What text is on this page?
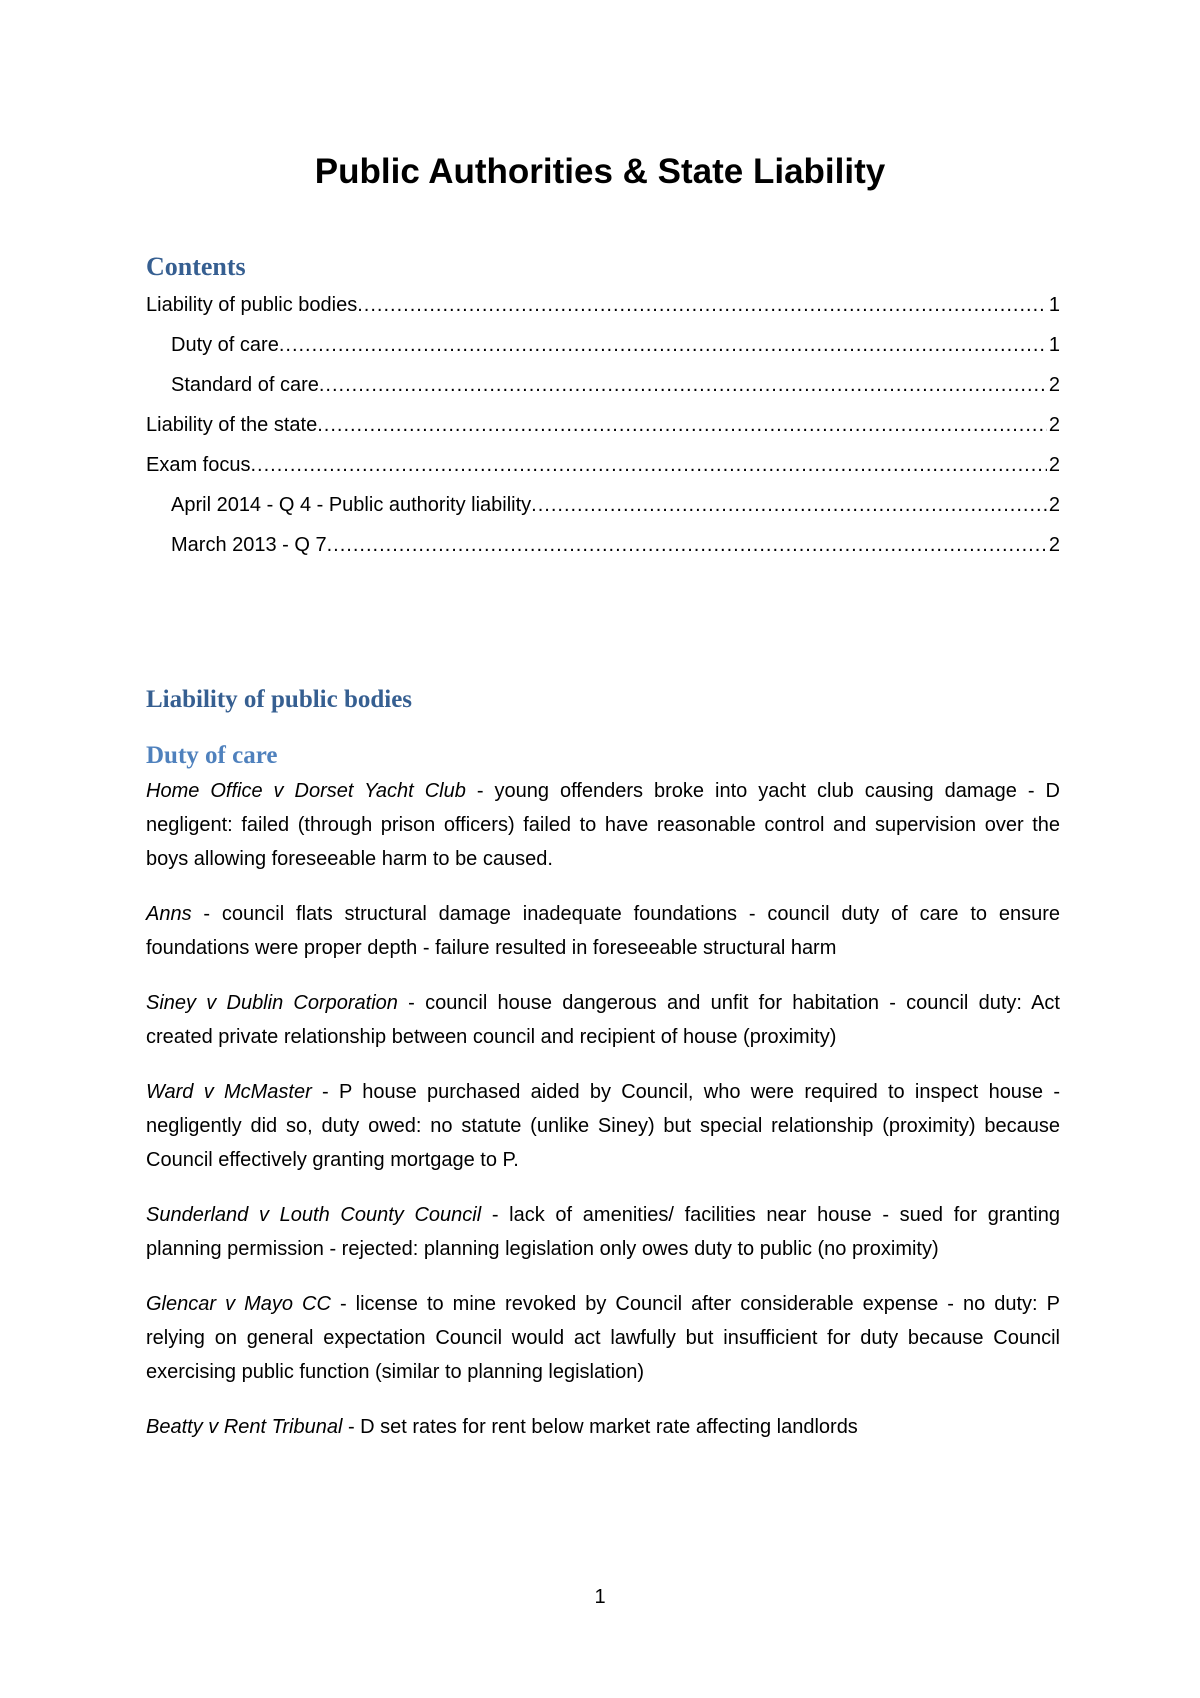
Public Authorities & State Liability
Contents
Liability of public bodies .....	1
Duty of care .....	1
Standard of care .....	2
Liability of the state .....	2
Exam focus .....	2
April 2014 - Q 4 - Public authority liability .....	2
March 2013 - Q 7 .....	2
Liability of public bodies
Duty of care

Home Office v Dorset Yacht Club - young offenders broke into yacht club causing damage - D negligent: failed (through prison officers) failed to have reasonable control and supervision over the boys allowing foreseeable harm to be caused.

Anns - council flats structural damage inadequate foundations - council duty of care to ensure foundations were proper depth - failure resulted in foreseeable structural harm

Siney v Dublin Corporation - council house dangerous and unfit for habitation - council duty: Act created private relationship between council and recipient of house (proximity)

Ward v McMaster - P house purchased aided by Council, who were required to inspect house - negligently did so, duty owed: no statute (unlike Siney) but special relationship (proximity) because Council effectively granting mortgage to P.

Sunderland v Louth County Council - lack of amenities/ facilities near house - sued for granting planning permission - rejected: planning legislation only owes duty to public (no proximity)

Glencar v Mayo CC - license to mine revoked by Council after considerable expense - no duty: P relying on general expectation Council would act lawfully but insufficient for duty because Council exercising public function (similar to planning legislation)

Beatty v Rent Tribunal - D set rates for rent below market rate affecting landlords

1
